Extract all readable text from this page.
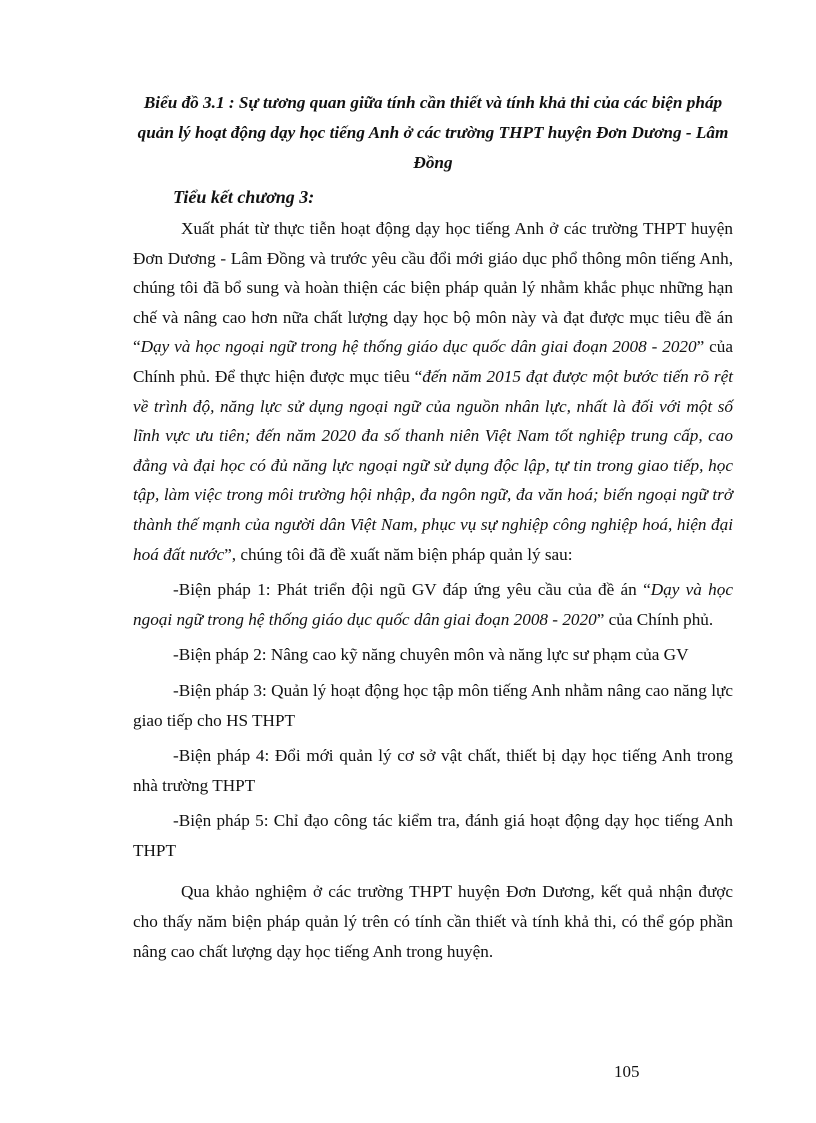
Biểu đồ 3.1 : Sự tương quan giữa tính cần thiết và tính khả thi của các biện pháp quản lý hoạt động dạy học tiếng Anh ở các trường THPT huyện Đơn Dương - Lâm Đồng

Tiểu kết chương 3:

Xuất phát từ thực tiễn hoạt động dạy học tiếng Anh ở các trường THPT huyện Đơn Dương - Lâm Đồng và trước yêu cầu đổi mới giáo dục phổ thông môn tiếng Anh, chúng tôi đã bổ sung và hoàn thiện các biện pháp quản lý nhằm khắc phục những hạn chế và nâng cao hơn nữa chất lượng dạy học bộ môn này và đạt được mục tiêu đề án “Dạy và học ngoại ngữ trong hệ thống giáo dục quốc dân giai đoạn 2008 - 2020” của Chính phủ. Để thực hiện được mục tiêu “đến năm 2015 đạt được một bước tiến rõ rệt về trình độ, năng lực sử dụng ngoại ngữ của nguồn nhân lực, nhất là đối với một số lĩnh vực ưu tiên; đến năm 2020 đa số thanh niên Việt Nam tốt nghiệp trung cấp, cao đẳng và đại học có đủ năng lực ngoại ngữ sử dụng độc lập, tự tin trong giao tiếp, học tập, làm việc trong môi trường hội nhập, đa ngôn ngữ, đa văn hoá; biến ngoại ngữ trở thành thế mạnh của người dân Việt Nam, phục vụ sự nghiệp công nghiệp hoá, hiện đại hoá đất nước”, chúng tôi đã đề xuất năm biện pháp quản lý sau:

-Biện pháp 1: Phát triển đội ngũ GV đáp ứng yêu cầu của đề án “Dạy và học ngoại ngữ trong hệ thống giáo dục quốc dân giai đoạn 2008 - 2020” của Chính phủ.

-Biện pháp 2: Nâng cao kỹ năng chuyên môn và năng lực sư phạm của GV

-Biện pháp 3: Quản lý hoạt động học tập môn tiếng Anh nhằm nâng cao năng lực giao tiếp cho HS THPT

-Biện pháp 4: Đổi mới quản lý cơ sở vật chất, thiết bị dạy học tiếng Anh trong nhà trường THPT

-Biện pháp 5: Chỉ đạo công tác kiểm tra, đánh giá hoạt động dạy học tiếng Anh THPT

Qua khảo nghiệm ở các trường THPT huyện Đơn Dương, kết quả nhận được cho thấy năm biện pháp quản lý trên có tính cần thiết và tính khả thi, có thể góp phần nâng cao chất lượng dạy học tiếng Anh trong huyện.

105
